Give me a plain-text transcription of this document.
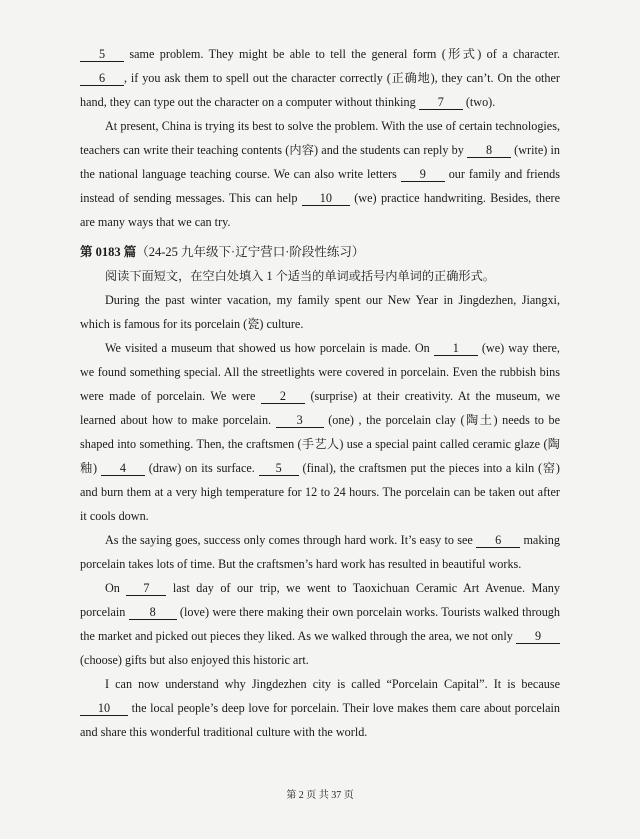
5 same problem. They might be able to tell the general form (形式) of a character. 6 , if you ask them to spell out the character correctly (正确地), they can’t. On the other hand, they can type out the character on a computer without thinking 7 (two).

At present, China is trying its best to solve the problem. With the use of certain technologies, teachers can write their teaching contents (内容) and the students can reply by 8 (write) in the national language teaching course. We can also write letters 9 our family and friends instead of sending messages. This can help 10 (we) practice handwriting. Besides, there are many ways that we can try.

第 0183 篇（24-25 九年级下·辽宁营口·阶段性练习）

阅读下面短文，在空白处填入 1 个适当的单词或括号内单词的正确形式。

During the past winter vacation, my family spent our New Year in Jingdezhen, Jiangxi, which is famous for its porcelain (瓷) culture.

We visited a museum that showed us how porcelain is made. On 1 (we) way there, we found something special. All the streetlights were covered in porcelain. Even the rubbish bins were made of porcelain. We were 2 (surprise) at their creativity. At the museum, we learned about how to make porcelain. 3 (one) , the porcelain clay (陶土) needs to be shaped into something. Then, the craftsmen (手艺人) use a special paint called ceramic glaze (陶釉) 4 (draw) on its surface. 5 (final), the craftsmen put the pieces into a kiln (窑) and burn them at a very high temperature for 12 to 24 hours. The porcelain can be taken out after it cools down.

As the saying goes, success only comes through hard work. It’s easy to see 6 making porcelain takes lots of time. But the craftsmen’s hard work has resulted in beautiful works.

On 7 last day of our trip, we went to Taoxichuan Ceramic Art Avenue. Many porcelain 8 (love) were there making their own porcelain works. Tourists walked through the market and picked out pieces they liked. As we walked through the area, we not only 9 (choose) gifts but also enjoyed this historic art.

I can now understand why Jingdezhen city is called “Porcelain Capital”. It is because 10 the local people’s deep love for porcelain. Their love makes them care about porcelain and share this wonderful traditional culture with the world.

第 2 页 共 37 页
